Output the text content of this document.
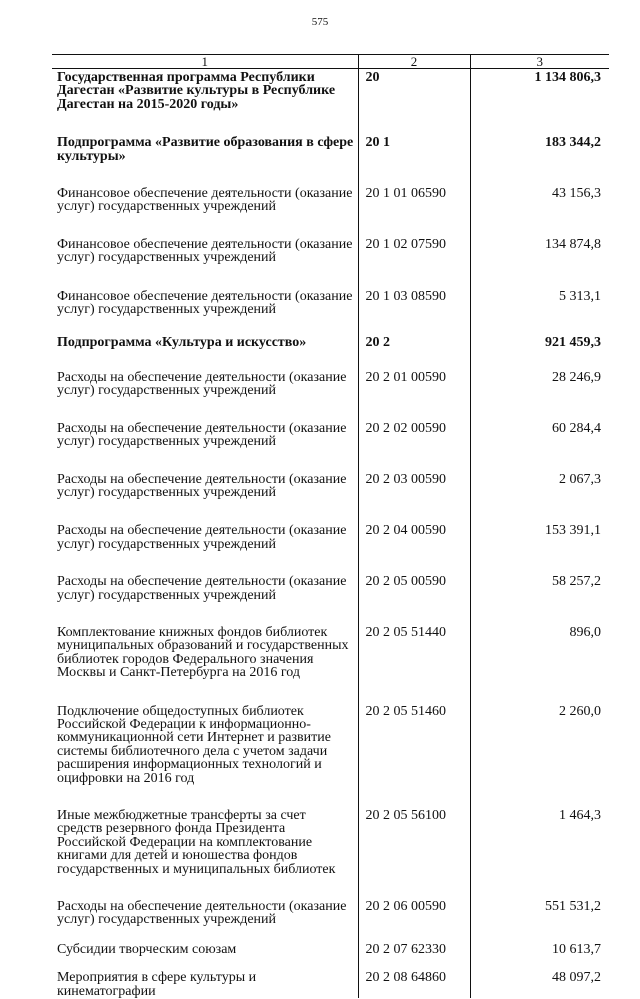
575
1	2	3
Государственная программа Республики Дагестан «Развитие культуры в Республике Дагестан на 2015-2020 годы»	20	1 134 806,3
Подпрограмма «Развитие образования в сфере культуры»	20 1	183 344,2
Финансовое обеспечение деятельности (оказание услуг) государственных учреждений	20 1 01 06590	43 156,3
Финансовое обеспечение деятельности (оказание услуг) государственных учреждений	20 1 02 07590	134 874,8
Финансовое обеспечение деятельности (оказание услуг) государственных учреждений	20 1 03 08590	5 313,1
Подпрограмма «Культура и искусство»	20 2	921 459,3
Расходы на обеспечение деятельности (оказание услуг) государственных учреждений	20 2 01 00590	28 246,9
Расходы на обеспечение деятельности (оказание услуг) государственных учреждений	20 2 02 00590	60 284,4
Расходы на обеспечение деятельности (оказание услуг) государственных учреждений	20 2 03 00590	2 067,3
Расходы на обеспечение деятельности (оказание услуг) государственных учреждений	20 2 04 00590	153 391,1
Расходы на обеспечение деятельности (оказание услуг) государственных учреждений	20 2 05 00590	58 257,2
Комплектование книжных фондов библиотек муниципальных образований и государственных библиотек городов Федерального значения Москвы и Санкт-Петербурга на 2016 год	20 2 05 51440	896,0
Подключение общедоступных библиотек Российской Федерации к информационно-коммуникационной сети Интернет и развитие системы библиотечного дела с учетом задачи расширения информационных технологий и оцифровки на 2016 год	20 2 05 51460	2 260,0
Иные межбюджетные трансферты за счет средств резервного фонда Президента Российской Федерации на комплектование книгами для детей и юношества фондов государственных и муниципальных библиотек	20 2 05 56100	1 464,3
Расходы на обеспечение деятельности (оказание услуг) государственных учреждений	20 2 06 00590	551 531,2
Субсидии творческим союзам	20 2 07 62330	10 613,7
Мероприятия в сфере культуры и кинематографии	20 2 08 64860	48 097,2
